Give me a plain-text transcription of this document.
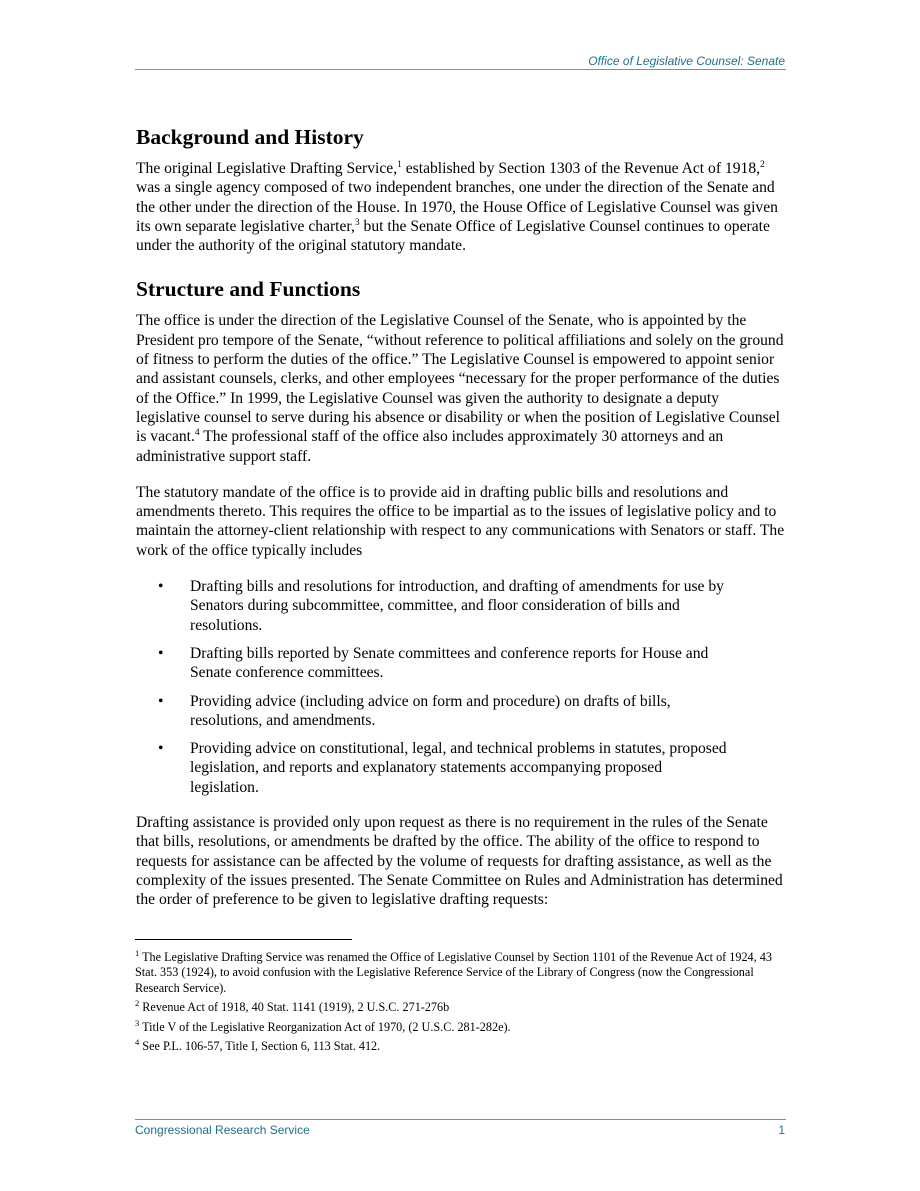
Office of Legislative Counsel: Senate
Background and History

The original Legislative Drafting Service,$^1$ established by Section 1303 of the Revenue Act of 1918,$^2$ was a single agency composed of two independent branches, one under the direction of the Senate and the other under the direction of the House. In 1970, the House Office of Legislative Counsel was given its own separate legislative charter,$^3$ but the Senate Office of Legislative Counsel continues to operate under the authority of the original statutory mandate.

Structure and Functions

The office is under the direction of the Legislative Counsel of the Senate, who is appointed by the President pro tempore of the Senate, “without reference to political affiliations and solely on the ground of fitness to perform the duties of the office.” The Legislative Counsel is empowered to appoint senior and assistant counsels, clerks, and other employees “necessary for the proper performance of the duties of the Office.” In 1999, the Legislative Counsel was given the authority to designate a deputy legislative counsel to serve during his absence or disability or when the position of Legislative Counsel is vacant.$^4$ The professional staff of the office also includes approximately 30 attorneys and an administrative support staff.

The statutory mandate of the office is to provide aid in drafting public bills and resolutions and amendments thereto. This requires the office to be impartial as to the issues of legislative policy and to maintain the attorney-client relationship with respect to any communications with Senators or staff. The work of the office typically includes

• Drafting bills and resolutions for introduction, and drafting of amendments for use by Senators during subcommittee, committee, and floor consideration of bills and resolutions.
• Drafting bills reported by Senate committees and conference reports for House and Senate conference committees.
• Providing advice (including advice on form and procedure) on drafts of bills, resolutions, and amendments.
• Providing advice on constitutional, legal, and technical problems in statutes, proposed legislation, and reports and explanatory statements accompanying proposed legislation.

Drafting assistance is provided only upon request as there is no requirement in the rules of the Senate that bills, resolutions, or amendments be drafted by the office. The ability of the office to respond to requests for assistance can be affected by the volume of requests for drafting assistance, as well as the complexity of the issues presented. The Senate Committee on Rules and Administration has determined the order of preference to be given to legislative drafting requests:

$^1$ The Legislative Drafting Service was renamed the Office of Legislative Counsel by Section 1101 of the Revenue Act of 1924, 43 Stat. 353 (1924), to avoid confusion with the Legislative Reference Service of the Library of Congress (now the Congressional Research Service).
$^2$ Revenue Act of 1918, 40 Stat. 1141 (1919), 2 U.S.C. 271-276b
$^3$ Title V of the Legislative Reorganization Act of 1970, (2 U.S.C. 281-282e).
$^4$ See P.L. 106-57, Title I, Section 6, 113 Stat. 412.
Congressional Research Service	1
